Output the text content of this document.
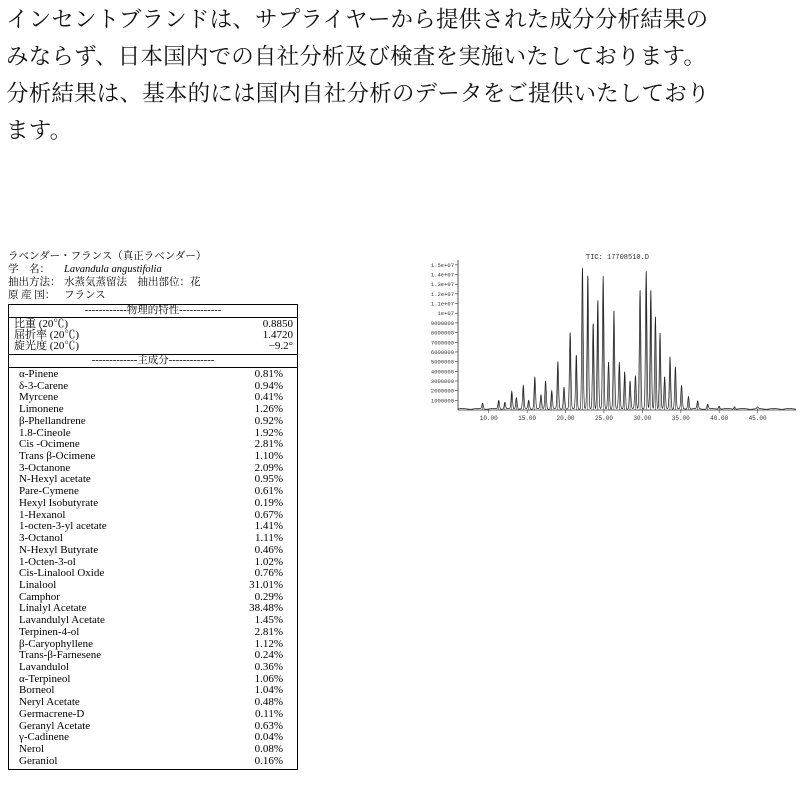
インセントブランドは、サプライヤーから提供された成分分析結果の

みならず、日本国内での自社分析及び検査を実施いたしております。

分析結果は、基本的には国内自社分析のデータをご提供いたしており

ます。

ラベンダー・フランス（真正ラベンダー）
学　名： Lavandula angustifolia
抽出方法： 水蒸気蒸留法　抽出部位：花
原 産 国： フランス
------------物理的特性------------
比重 (20℃)	0.8850
屈折率 (20℃)	1.4720
旋光度 (20℃)	−9.2°
-------------主成分-------------
α-Pinene	0.81%
δ-3-Carene	0.94%
Myrcene	0.41%
Limonene	1.26%
β-Phellandrene	0.92%
1.8-Cineole	1.92%
Cis -Ocimene	2.81%
Trans β-Ocimene	1.10%
3-Octanone	2.09%
N-Hexyl acetate	0.95%
Pare-Cymene	0.61%
Hexyl Isobutyrate	0.19%
1-Hexanol	0.67%
1-octen-3-yl acetate	1.41%
3-Octanol	1.11%
N-Hexyl Butyrate	0.46%
1-Octen-3-ol	1.02%
Cis-Linalool Oxide	0.76%
Linalool	31.01%
Camphor	0.29%
Linalyl Acetate	38.48%
Lavandulyl Acetate	1.45%
Terpinen-4-ol	2.81%
β-Caryophyllene	1.12%
Trans-β-Farnesene	0.24%
Lavandulol	0.36%
α-Terpineol	1.06%
Borneol	1.04%
Neryl Acetate	0.48%
Germacrene-D	0.11%
Geranyl Acetate	0.63%
γ-Cadinene	0.04%
Nerol	0.08%
Geraniol	0.16%
TIC: 17708510.D
1.5e+07
1.4e+07
1.3e+07
1.2e+07
1.1e+07
1e+07
9000000
8000000
7000000
6000000
5000000
4000000
3000000
2000000
1000000
10.00	15.00	20.00	25.00	30.00	35.00	40.00	45.00
